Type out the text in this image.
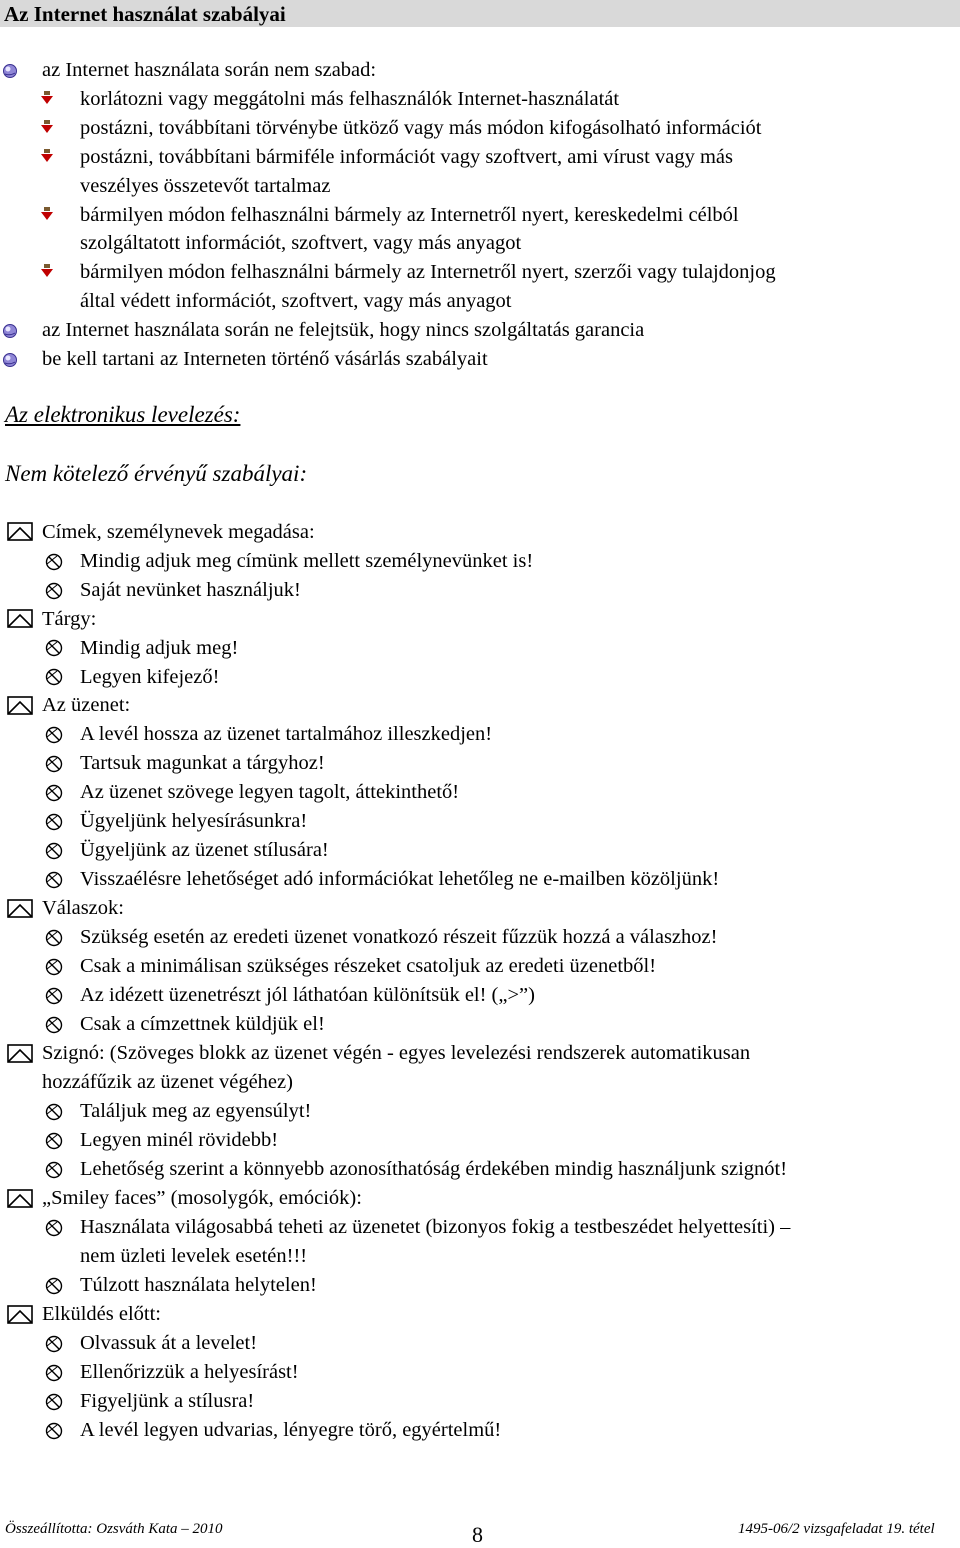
Az Internet használat szabályai
az Internet használata során nem szabad:
korlátozni vagy meggátolni más felhasználók Internet-használatát
postázni, továbbítani törvénybe ütköző vagy más módon kifogásolható információt
postázni, továbbítani bármiféle információt vagy szoftvert, ami vírust vagy más
veszélyes összetevőt tartalmaz
bármilyen módon felhasználni bármely az Internetről nyert, kereskedelmi célból
szolgáltatott információt, szoftvert, vagy más anyagot
bármilyen módon felhasználni bármely az Internetről nyert, szerzői vagy tulajdonjog
által védett információt, szoftvert, vagy más anyagot
az Internet használata során ne felejtsük, hogy nincs szolgáltatás garancia
be kell tartani az Interneten történő vásárlás szabályait
Az elektronikus levelezés:
Nem kötelező érvényű szabályai:
Címek, személynevek megadása:
Mindig adjuk meg címünk mellett személynevünket is!
Saját nevünket használjuk!
Tárgy:
Mindig adjuk meg!
Legyen kifejező!
Az üzenet:
A levél hossza az üzenet tartalmához illeszkedjen!
Tartsuk magunkat a tárgyhoz!
Az üzenet szövege legyen tagolt, áttekinthető!
Ügyeljünk helyesírásunkra!
Ügyeljünk az üzenet stílusára!
Visszaélésre lehetőséget adó információkat lehetőleg ne e-mailben közöljünk!
Válaszok:
Szükség esetén az eredeti üzenet vonatkozó részeit fűzzük hozzá a válaszhoz!
Csak a minimálisan szükséges részeket csatoljuk az eredeti üzenetből!
Az idézett üzenetrészt jól láthatóan különítsük el! („>”)
Csak a címzettnek küldjük el!
Szignó: (Szöveges blokk az üzenet végén - egyes levelezési rendszerek automatikusan
hozzáfűzik az üzenet végéhez)
Találjuk meg az egyensúlyt!
Legyen minél rövidebb!
Lehetőség szerint a könnyebb azonosíthatóság érdekében mindig használjunk szignót!
„Smiley faces” (mosolygók, emóciók):
Használata világosabbá teheti az üzenetet (bizonyos fokig a testbeszédet helyettesíti) –
nem üzleti levelek esetén!!!
Túlzott használata helytelen!
Elküldés előtt:
Olvassuk át a levelet!
Ellenőrizzük a helyesírást!
Figyeljünk a stílusra!
A levél legyen udvarias, lényegre törő, egyértelmű!
Összeállította: Ozsváth Kata – 2010	8	1495-06/2 vizsgafeladat 19. tétel
